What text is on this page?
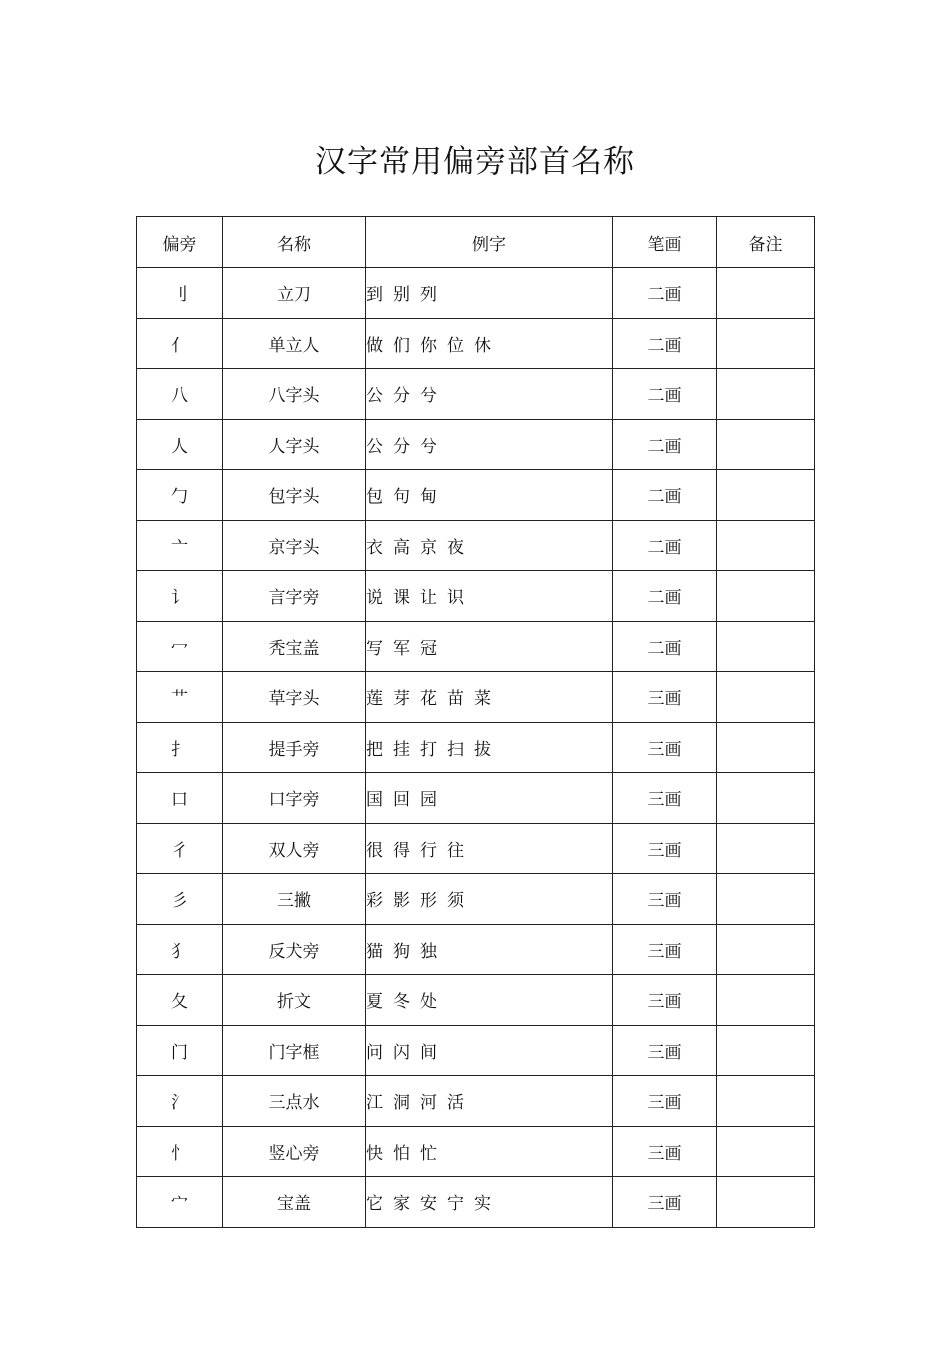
汉字常用偏旁部首名称
偏旁	名称	例字	笔画	备注
刂	立刀	到 别 列	二画	
亻	单立人	做 们 你 位 休	二画	
八	八字头	公 分 兮	二画	
人	人字头	公 分 兮	二画	
勹	包字头	包 句 甸	二画	
亠	京字头	衣 高 京 夜	二画	
讠	言字旁	说 课 让 识	二画	
冖	秃宝盖	写 军 冠	二画	
艹	草字头	莲 芽 花 苗 菜	三画	
扌	提手旁	把 挂 打 扫 拔	三画	
口	口字旁	国 回 园	三画	
彳	双人旁	很 得 行 往	三画	
彡	三撇	彩 影 形 须	三画	
犭	反犬旁	猫 狗 独	三画	
夂	折文	夏 冬 处	三画	
门	门字框	问 闪 间	三画	
氵	三点水	江 洞 河 活	三画	
忄	竖心旁	快 怕 忙	三画	
宀	宝盖	它 家 安 宁 实	三画	
